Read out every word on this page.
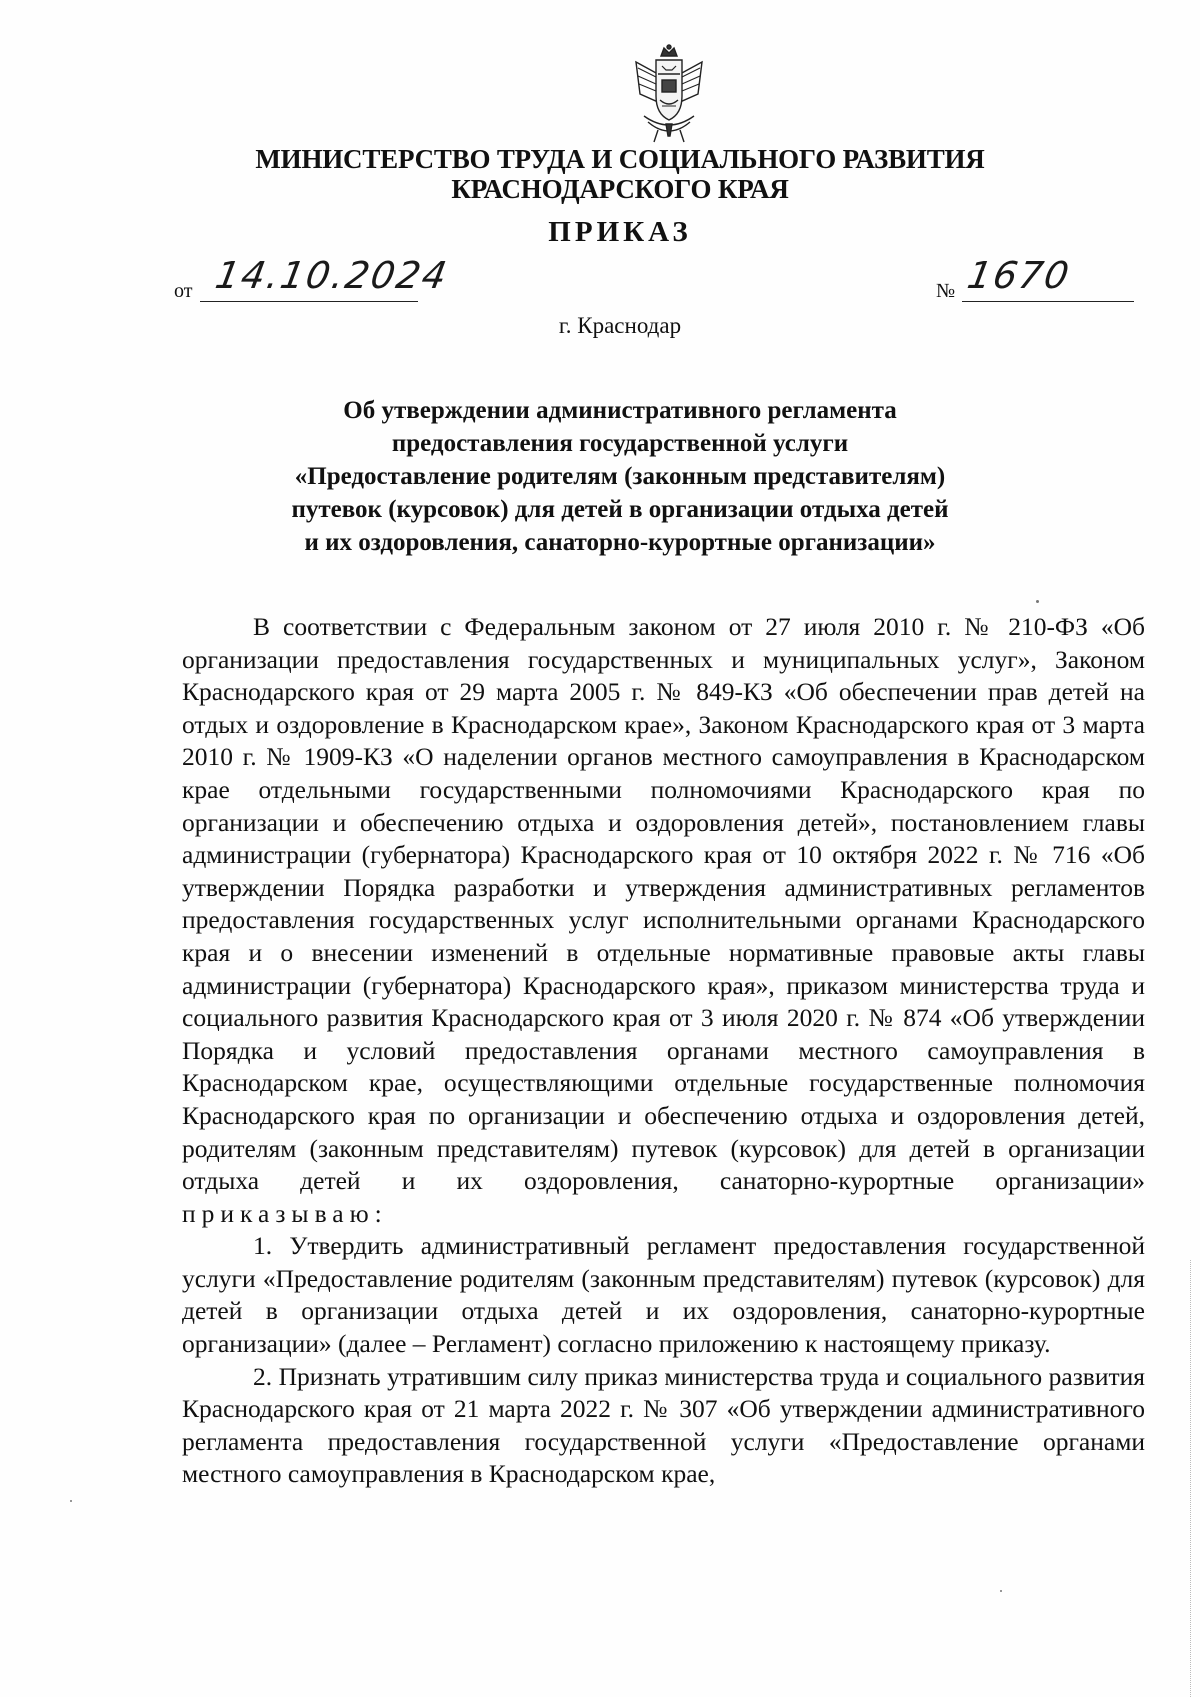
МИНИСТЕРСТВО ТРУДА И СОЦИАЛЬНОГО РАЗВИТИЯ
КРАСНОДАРСКОГО КРАЯ
ПРИКАЗ
от 14.10.2024	№ 1670
г. Краснодар
Об утверждении административного регламента
предоставления государственной услуги
«Предоставление родителям (законным представителям)
путевок (курсовок) для детей в организации отдыха детей
и их оздоровления, санаторно-курортные организации»

В соответствии с Федеральным законом от 27 июля 2010 г. № 210-ФЗ «Об организации предоставления государственных и муниципальных услуг», Законом Краснодарского края от 29 марта 2005 г. № 849-КЗ «Об обеспечении прав детей на отдых и оздоровление в Краснодарском крае», Законом Краснодарского края от 3 марта 2010 г. № 1909-КЗ «О наделении органов местного самоуправления в Краснодарском крае отдельными государственными полномочиями Краснодарского края по организации и обеспечению отдыха и оздоровления детей», постановлением главы администрации (губернатора) Краснодарского края от 10 октября 2022 г. № 716 «Об утверждении Порядка разработки и утверждения административных регламентов предоставления государственных услуг исполнительными органами Краснодарского края и о внесении изменений в отдельные нормативные правовые акты главы администрации (губернатора) Краснодарского края», приказом министерства труда и социального развития Краснодарского края от 3 июля 2020 г. № 874 «Об утверждении Порядка и условий предоставления органами местного самоуправления в Краснодарском крае, осуществляющими отдельные государственные полномочия Краснодарского края по организации и обеспечению отдыха и оздоровления детей, родителям (законным представителям) путевок (курсовок) для детей в организации отдыха детей и их оздоровления, санаторно-курортные организации» приказываю:

1. Утвердить административный регламент предоставления государственной услуги «Предоставление родителям (законным представителям) путевок (курсовок) для детей в организации отдыха детей и их оздоровления, санаторно-курортные организации» (далее – Регламент) согласно приложению к настоящему приказу.

2. Признать утратившим силу приказ министерства труда и социального развития Краснодарского края от 21 марта 2022 г. № 307 «Об утверждении административного регламента предоставления государственной услуги «Предоставление органами местного самоуправления в Краснодарском крае,
